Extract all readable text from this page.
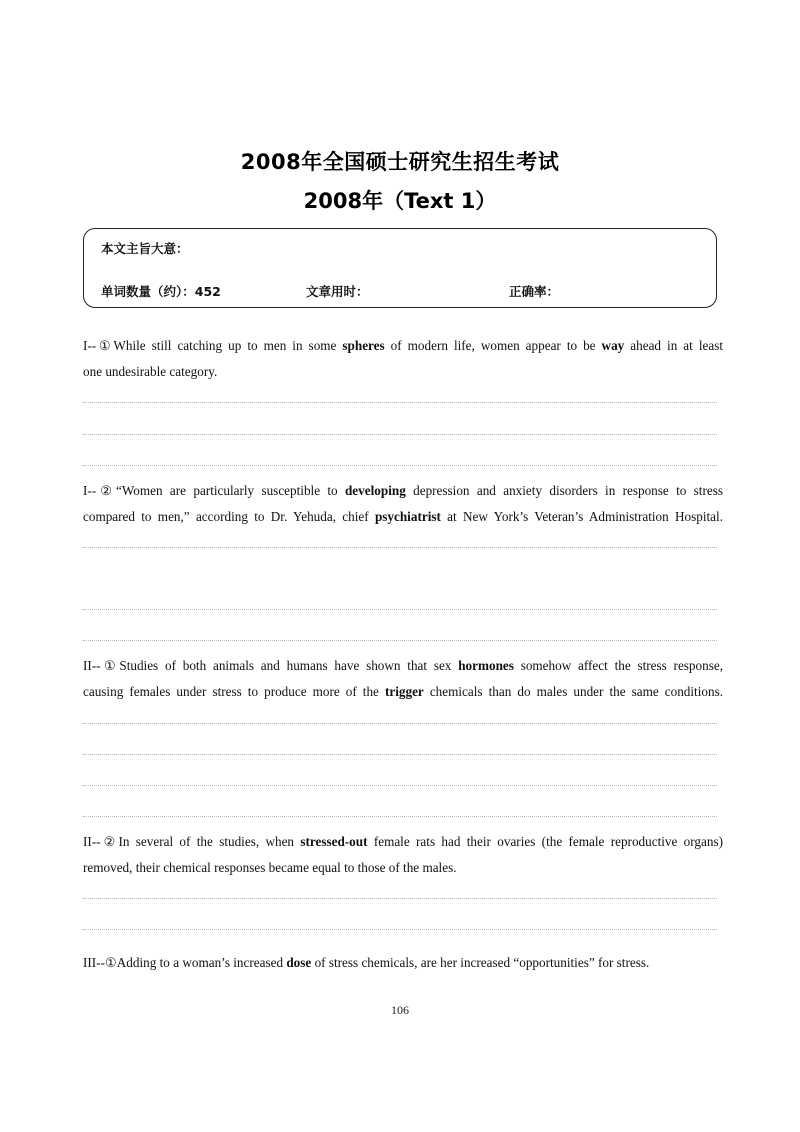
2008年全国硕士研究生招生考试
2008年（Text 1）
本文主旨大意：
单词数量（约）：452	文章用时：	正确率：
I--①While still catching up to men in some spheres of modern life, women appear to be way ahead in at least
one undesirable category.
I--②“Women are particularly susceptible to developing depression and anxiety disorders in response to stress
compared to men,” according to Dr. Yehuda, chief psychiatrist at New York’s Veteran’s Administration Hospital.
II--①Studies of both animals and humans have shown that sex hormones somehow affect the stress response,
causing females under stress to produce more of the trigger chemicals than do males under the same conditions.
II--②In several of the studies, when stressed-out female rats had their ovaries (the female reproductive organs)
removed, their chemical responses became equal to those of the males.
III--①Adding to a woman’s increased dose of stress chemicals, are her increased “opportunities” for stress.
106
